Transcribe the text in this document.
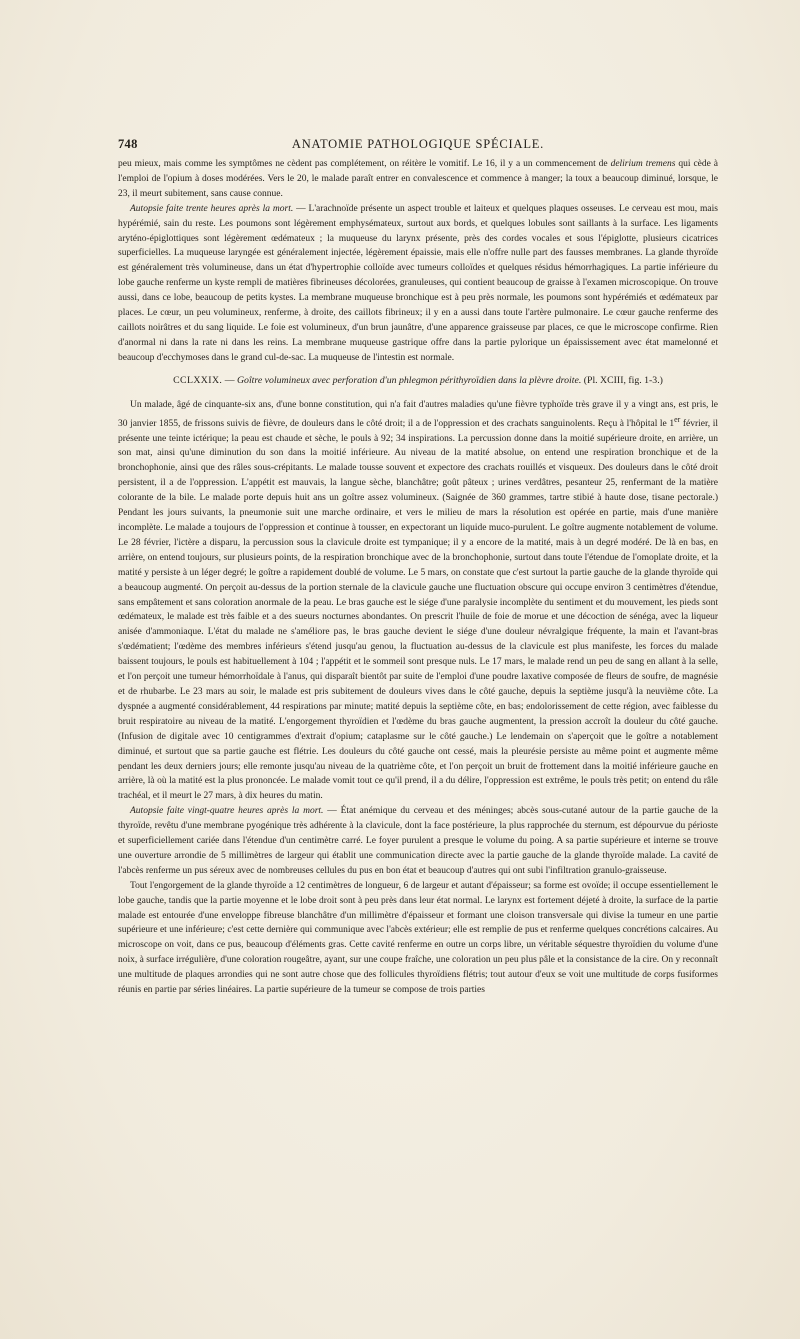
748	ANATOMIE PATHOLOGIQUE SPÉCIALE.

peu mieux, mais comme les symptômes ne cèdent pas complétement, on réitère le vomitif. Le 16, il y a un commencement de delirium tremens qui cède à l'emploi de l'opium à doses modérées. Vers le 20, le malade paraît entrer en convalescence et commence à manger; la toux a beaucoup diminué, lorsque, le 23, il meurt subitement, sans cause connue.

Autopsie faite trente heures après la mort. — L'arachnoïde présente un aspect trouble et laiteux et quelques plaques osseuses. Le cerveau est mou, mais hypérémié, sain du reste. Les poumons sont légèrement emphysémateux, surtout aux bords, et quelques lobules sont saillants à la surface. Les ligaments aryténo-épiglottiques sont légèrement œdémateux ; la muqueuse du larynx présente, près des cordes vocales et sous l'épiglotte, plusieurs cicatrices superficielles. La muqueuse laryngée est généralement injectée, légèrement épaissie, mais elle n'offre nulle part des fausses membranes. La glande thyroïde est généralement très volumineuse, dans un état d'hypertrophie colloïde avec tumeurs colloïdes et quelques résidus hémorrhagiques. La partie inférieure du lobe gauche renferme un kyste rempli de matières fibrineuses décolorées, granuleuses, qui contient beaucoup de graisse à l'examen microscopique. On trouve aussi, dans ce lobe, beaucoup de petits kystes. La membrane muqueuse bronchique est à peu près normale, les poumons sont hypérémiés et œdémateux par places. Le cœur, un peu volumineux, renferme, à droite, des caillots fibrineux; il y en a aussi dans toute l'artère pulmonaire. Le cœur gauche renferme des caillots noirâtres et du sang liquide. Le foie est volumineux, d'un brun jaunâtre, d'une apparence graisseuse par places, ce que le microscope confirme. Rien d'anormal ni dans la rate ni dans les reins. La membrane muqueuse gastrique offre dans la partie pylorique un épaississement avec état mamelonné et beaucoup d'ecchymoses dans le grand cul-de-sac. La muqueuse de l'intestin est normale.

CCLXXIX. — Goître volumineux avec perforation d'un phlegmon périthyroïdien dans la plèvre droite. (Pl. XCIII, fig. 1-3.)

Un malade, âgé de cinquante-six ans, d'une bonne constitution, qui n'a fait d'autres maladies qu'une fièvre typhoïde très grave il y a vingt ans, est pris, le 30 janvier 1855, de frissons suivis de fièvre, de douleurs dans le côté droit; il a de l'oppression et des crachats sanguinolents. Reçu à l'hôpital le 1er février, il présente une teinte ictérique; la peau est chaude et sèche, le pouls à 92; 34 inspirations. La percussion donne dans la moitié supérieure droite, en arrière, un son mat, ainsi qu'une diminution du son dans la moitié inférieure. Au niveau de la matité absolue, on entend une respiration bronchique et de la bronchophonie, ainsi que des râles sous-crépitants. Le malade tousse souvent et expectore des crachats rouillés et visqueux. Des douleurs dans le côté droit persistent, il a de l'oppression. L'appétit est mauvais, la langue sèche, blanchâtre; goût pâteux ; urines verdâtres, pesanteur 25, renfermant de la matière colorante de la bile. Le malade porte depuis huit ans un goître assez volumineux. (Saignée de 360 grammes, tartre stibié à haute dose, tisane pectorale.) Pendant les jours suivants, la pneumonie suit une marche ordinaire, et vers le milieu de mars la résolution est opérée en partie, mais d'une manière incomplète. Le malade a toujours de l'oppression et continue à tousser, en expectorant un liquide muco-purulent. Le goître augmente notablement de volume. Le 28 février, l'ictère a disparu, la percussion sous la clavicule droite est tympanique; il y a encore de la matité, mais à un degré modéré. De là en bas, en arrière, on entend toujours, sur plusieurs points, de la respiration bronchique avec de la bronchophonie, surtout dans toute l'étendue de l'omoplate droite, et la matité y persiste à un léger degré; le goître a rapidement doublé de volume. Le 5 mars, on constate que c'est surtout la partie gauche de la glande thyroïde qui a beaucoup augmenté. On perçoit au-dessus de la portion sternale de la clavicule gauche une fluctuation obscure qui occupe environ 3 centimètres d'étendue, sans empâtement et sans coloration anormale de la peau. Le bras gauche est le siége d'une paralysie incomplète du sentiment et du mouvement, les pieds sont œdémateux, le malade est très faible et a des sueurs nocturnes abondantes. On prescrit l'huile de foie de morue et une décoction de sénéga, avec la liqueur anisée d'ammoniaque. L'état du malade ne s'améliore pas, le bras gauche devient le siége d'une douleur névralgique fréquente, la main et l'avant-bras s'œdématient; l'œdème des membres inférieurs s'étend jusqu'au genou, la fluctuation au-dessus de la clavicule est plus manifeste, les forces du malade baissent toujours, le pouls est habituellement à 104 ; l'appétit et le sommeil sont presque nuls. Le 17 mars, le malade rend un peu de sang en allant à la selle, et l'on perçoit une tumeur hémorrhoïdale à l'anus, qui disparaît bientôt par suite de l'emploi d'une poudre laxative composée de fleurs de soufre, de magnésie et de rhubarbe. Le 23 mars au soir, le malade est pris subitement de douleurs vives dans le côté gauche, depuis la septième jusqu'à la neuvième côte. La dyspnée a augmenté considérablement, 44 respirations par minute; matité depuis la septième côte, en bas; endolorissement de cette région, avec faiblesse du bruit respiratoire au niveau de la matité. L'engorgement thyroïdien et l'œdème du bras gauche augmentent, la pression accroît la douleur du côté gauche. (Infusion de digitale avec 10 centigrammes d'extrait d'opium; cataplasme sur le côté gauche.) Le lendemain on s'aperçoit que le goître a notablement diminué, et surtout que sa partie gauche est flétrie. Les douleurs du côté gauche ont cessé, mais la pleurésie persiste au même point et augmente même pendant les deux derniers jours; elle remonte jusqu'au niveau de la quatrième côte, et l'on perçoit un bruit de frottement dans la moitié inférieure gauche en arrière, là où la matité est la plus prononcée. Le malade vomit tout ce qu'il prend, il a du délire, l'oppression est extrême, le pouls très petit; on entend du râle trachéal, et il meurt le 27 mars, à dix heures du matin.

Autopsie faite vingt-quatre heures après la mort. — État anémique du cerveau et des méninges; abcès sous-cutané autour de la partie gauche de la thyroïde, revêtu d'une membrane pyogénique très adhérente à la clavicule, dont la face postérieure, la plus rapprochée du sternum, est dépourvue du périoste et superficiellement cariée dans l'étendue d'un centimètre carré. Le foyer purulent a presque le volume du poing. A sa partie supérieure et interne se trouve une ouverture arrondie de 5 millimètres de largeur qui établit une communication directe avec la partie gauche de la glande thyroïde malade. La cavité de l'abcès renferme un pus séreux avec de nombreuses cellules du pus en bon état et beaucoup d'autres qui ont subi l'infiltration granulo-graisseuse.

Tout l'engorgement de la glande thyroïde a 12 centimètres de longueur, 6 de largeur et autant d'épaisseur; sa forme est ovoïde; il occupe essentiellement le lobe gauche, tandis que la partie moyenne et le lobe droit sont à peu près dans leur état normal. Le larynx est fortement déjeté à droite, la surface de la partie malade est entourée d'une enveloppe fibreuse blanchâtre d'un millimètre d'épaisseur et formant une cloison transversale qui divise la tumeur en une partie supérieure et une inférieure; c'est cette dernière qui communique avec l'abcès extérieur; elle est remplie de pus et renferme quelques concrétions calcaires. Au microscope on voit, dans ce pus, beaucoup d'éléments gras. Cette cavité renferme en outre un corps libre, un véritable séquestre thyroïdien du volume d'une noix, à surface irrégulière, d'une coloration rougeâtre, ayant, sur une coupe fraîche, une coloration un peu plus pâle et la consistance de la cire. On y reconnaît une multitude de plaques arrondies qui ne sont autre chose que des follicules thyroïdiens flétris; tout autour d'eux se voit une multitude de corps fusiformes réunis en partie par séries linéaires. La partie supérieure de la tumeur se compose de trois parties
